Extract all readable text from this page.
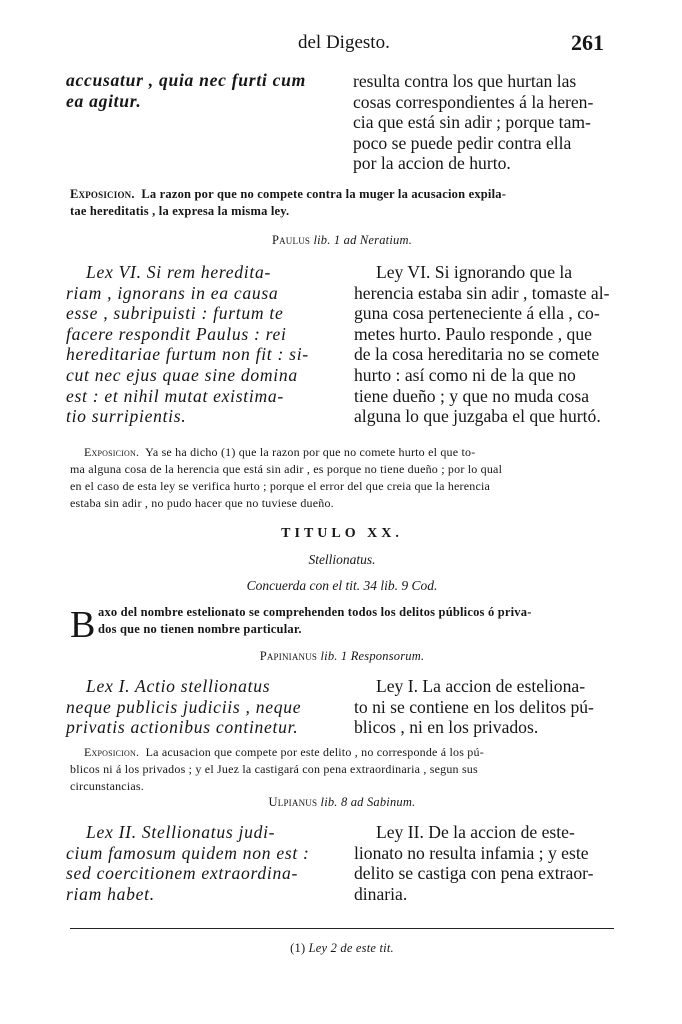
del Digesto.	261
accusatur , quia nec furti cum
ea agitur.
resulta contra los que hurtan las
cosas correspondientes á la heren-
cia que está sin adir ; porque tam-
poco se puede pedir contra ella
por la accion de hurto.
Exposicion. La razon por que no compete contra la muger la acusacion expila-
tae hereditatis , la expresa la misma ley.
Paulus lib. 1 ad Neratium.
Lex VI. Si rem heredita-
riam , ignorans in ea causa
esse , subripuisti : furtum te
facere respondit Paulus : rei
hereditariae furtum non fit : si-
cut nec ejus quae sine domina
est : et nihil mutat existima-
tio surripientis.
Ley VI. Si ignorando que la
herencia estaba sin adir , tomaste al-
guna cosa perteneciente á ella , co-
metes hurto. Paulo responde , que
de la cosa hereditaria no se comete
hurto : así como ni de la que no
tiene dueño ; y que no muda cosa
alguna lo que juzgaba el que hurtó.
Exposicion. Ya se ha dicho (1) que la razon por que no comete hurto el que to-
ma alguna cosa de la herencia que está sin adir , es porque no tiene dueño ; por lo qual
en el caso de esta ley se verifica hurto ; porque el error del que creia que la herencia
estaba sin adir , no pudo hacer que no tuviese dueño.
TITULO XX.
Stellionatus.
Concuerda con el tit. 34 lib. 9 Cod.
B axo del nombre estelionato se comprehenden todos los delitos públicos ó priva-
dos que no tienen nombre particular.
Papinianus lib. 1 Responsorum.
Lex I. Actio stellionatus
neque publicis judiciis , neque
privatis actionibus continetur.
Ley I. La accion de esteliona-
to ni se contiene en los delitos pú-
blicos , ni en los privados.
Exposicion. La acusacion que compete por este delito , no corresponde á los pú-
blicos ni á los privados ; y el Juez la castigará con pena extraordinaria , segun sus
circunstancias.
Ulpianus lib. 8 ad Sabinum.
Lex II. Stellionatus judi-
cium famosum quidem non est :
sed coercitionem extraordina-
riam habet.
Ley II. De la accion de este-
lionato no resulta infamia ; y este
delito se castiga con pena extraor-
dinaria.
(1) Ley 2 de este tit.
